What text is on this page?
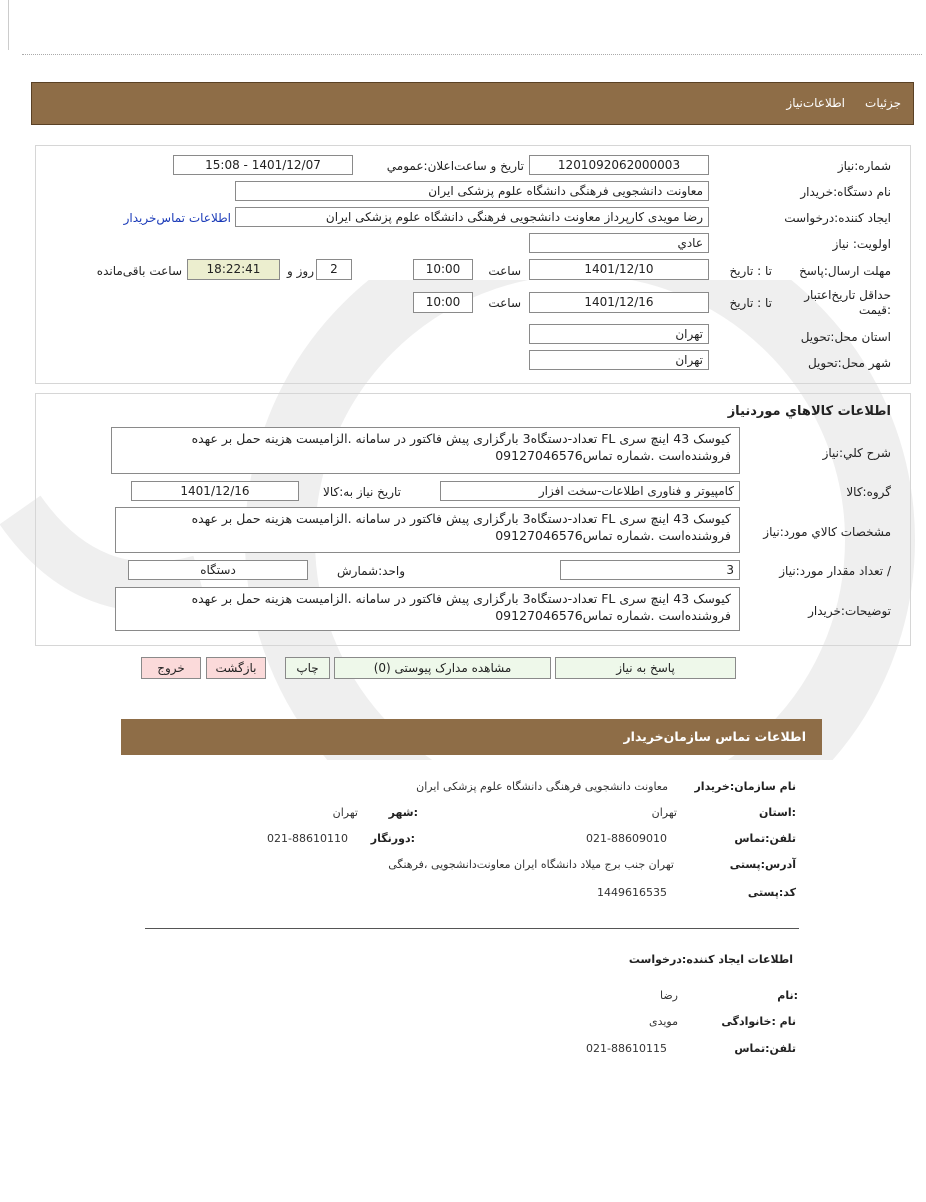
جزئیات
اطلاعات‌نیاز
شماره:نیاز
1201092062000003
تاریخ و ساعت‌اعلان:عمومي
1401/12/07 - 15:08
نام دستگاه:خریدار
معاونت دانشجویی فرهنگی دانشگاه علوم پزشکی ایران
ایجاد کننده:درخواست
رضا مویدی کارپرداز معاونت دانشجویی فرهنگی دانشگاه علوم پزشکی ایران
اطلاعات تماس‌خریدار
اولویت: نیاز
عادي
مهلت ارسال:پاسخ
تا : تاریخ
1401/12/10
ساعت
10:00
2
روز و
18:22:41
ساعت باقی‌مانده
حداقل تاریخ‌اعتبار :قیمت
تا : تاریخ
1401/12/16
ساعت
10:00
استان محل:تحویل
تهران
شهر محل:تحویل
تهران
اطلاعات کالاهاي موردنیاز
شرح کلي:نیاز
کیوسک 43 اینچ سری FL تعداد-دستگاه3 بارگزاری پیش فاکتور در سامانه .الزامیست هزینه حمل بر عهده فروشنده‌است .شماره تماس09127046576
گروه:کالا
کامپیوتر و فناوری اطلاعات-سخت افزار
تاریخ نیاز به:کالا
1401/12/16
مشخصات کالاي مورد:نیاز
کیوسک 43 اینچ سری FL تعداد-دستگاه3 بارگزاری پیش فاکتور در سامانه .الزامیست هزینه حمل بر عهده فروشنده‌است .شماره تماس09127046576
/ تعداد مقدار مورد:نیاز
3
واحد:شمارش
دستگاه
توضیحات:خریدار
کیوسک 43 اینچ سری FL تعداد-دستگاه3 بارگزاری پیش فاکتور در سامانه .الزامیست هزینه حمل بر عهده فروشنده‌است .شماره تماس09127046576
پاسخ به نیاز
مشاهده مدارک پیوستی (0)
چاپ
بازگشت
خروج
اطلاعات تماس سازمان‌خریدار
نام سازمان:خریدار
معاونت دانشجویی فرهنگی دانشگاه علوم پزشکی ایران
:استان
تهران
:شهر
تهران
تلفن:تماس
021-88609010
:دورنگار
021-88610110
آدرس:پستی
تهران جنب برج میلاد دانشگاه ایران معاونت‌دانشجویی ،فرهنگی
کد:پستی
1449616535
اطلاعات ایجاد کننده:درخواست
:نام
رضا
نام :خانوادگی
مویدی
تلفن:تماس
021-88610115
